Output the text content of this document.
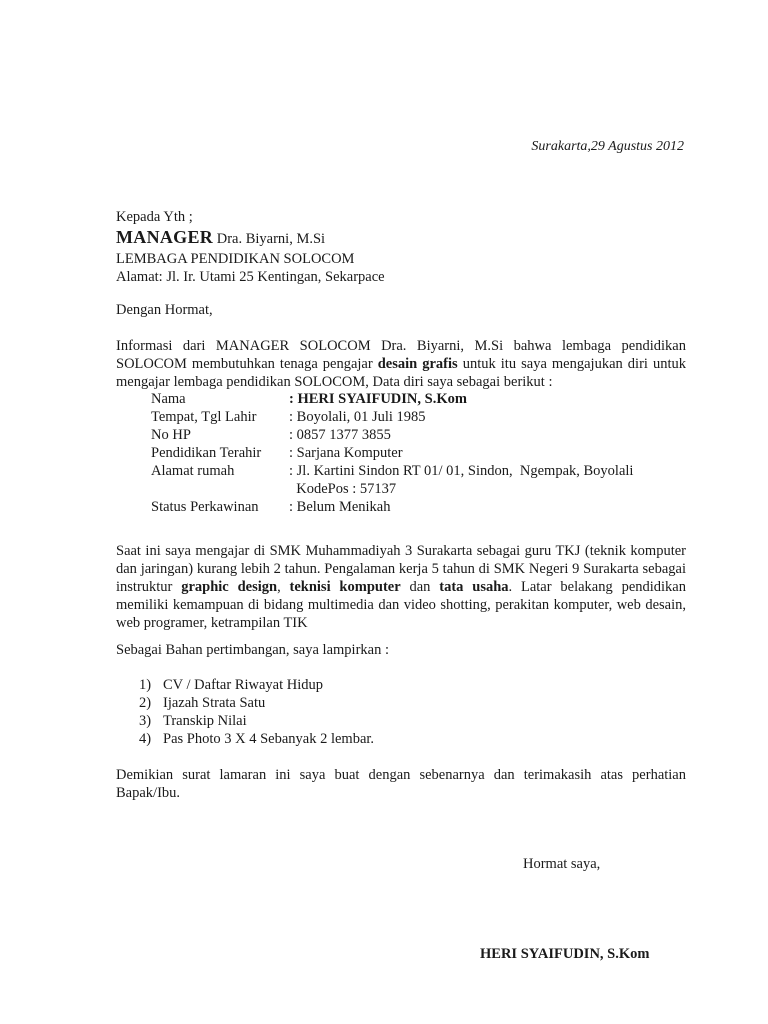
Surakarta,29 Agustus 2012
Kepada Yth ;
MANAGER Dra. Biyarni, M.Si
LEMBAGA PENDIDIKAN SOLOCOM
Alamat: Jl. Ir. Utami 25 Kentingan, Sekarpace
Dengan Hormat,
Informasi dari MANAGER SOLOCOM Dra. Biyarni, M.Si bahwa lembaga pendidikan SOLOCOM membutuhkan tenaga pengajar desain grafis untuk itu saya mengajukan diri untuk mengajar lembaga pendidikan SOLOCOM, Data diri saya sebagai berikut :
Nama	: HERI SYAIFUDIN, S.Kom
Tempat, Tgl Lahir	: Boyolali, 01 Juli 1985
No HP	: 0857 1377 3855
Pendidikan Terahir	: Sarjana Komputer
Alamat rumah	: Jl. Kartini Sindon RT 01/ 01, Sindon,  Ngempak, Boyolali
	KodePos : 57137
Status Perkawinan	: Belum Menikah
Saat ini saya mengajar di SMK Muhammadiyah 3 Surakarta sebagai guru TKJ (teknik komputer dan jaringan) kurang lebih 2 tahun. Pengalaman kerja 5 tahun di SMK Negeri 9 Surakarta sebagai instruktur graphic design, teknisi komputer dan tata usaha. Latar belakang pendidikan memiliki kemampuan di bidang multimedia dan video shotting, perakitan komputer, web desain, web programer, ketrampilan TIK
Sebagai Bahan pertimbangan, saya lampirkan :
1) CV / Daftar Riwayat Hidup
2) Ijazah Strata Satu
3) Transkip Nilai
4) Pas Photo 3 X 4 Sebanyak 2 lembar.
Demikian surat lamaran ini saya buat dengan sebenarnya dan terimakasih atas perhatian Bapak/Ibu.
Hormat saya,
HERI SYAIFUDIN, S.Kom
